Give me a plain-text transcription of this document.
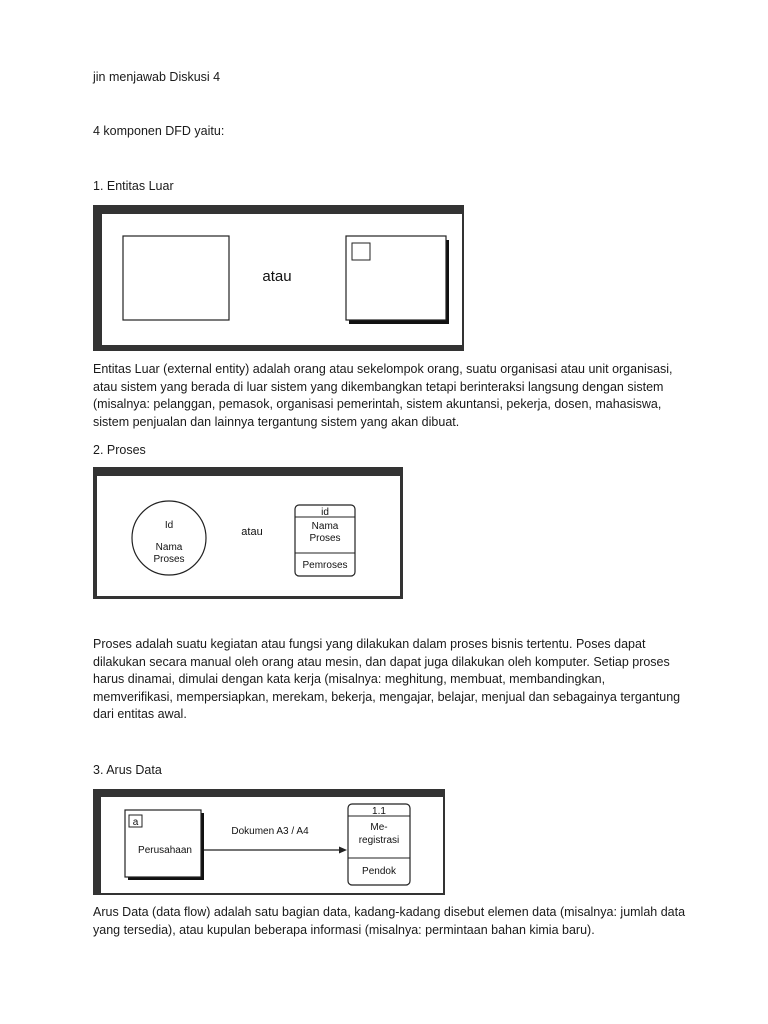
jin menjawab Diskusi 4
4 komponen DFD yaitu:
1. Entitas Luar
atau
Entitas Luar (external entity) adalah orang atau sekelompok orang, suatu organisasi atau unit organisasi,
atau sistem yang berada di luar sistem yang dikembangkan tetapi berinteraksi langsung dengan sistem
(misalnya: pelanggan, pemasok, organisasi pemerintah, sistem akuntansi, pekerja, dosen, mahasiswa,
sistem penjualan dan lainnya tergantung sistem yang akan dibuat.
2. Proses
Id
Nama
Proses
atau
id
Nama
Proses
Pemroses
Proses adalah suatu kegiatan atau fungsi yang dilakukan dalam proses bisnis tertentu. Poses dapat
dilakukan secara manual oleh orang atau mesin, dan dapat juga dilakukan oleh komputer. Setiap proses
harus dinamai, dimulai dengan kata kerja (misalnya: meghitung, membuat, membandingkan,
memverifikasi, mempersiapkan, merekam, bekerja, mengajar, belajar, menjual dan sebagainya tergantung
dari entitas awal.
3. Arus Data
a
Perusahaan
Dokumen A3 / A4
1.1
Me-
registrasi
Pendok
Arus Data (data flow) adalah satu bagian data, kadang-kadang disebut elemen data (misalnya: jumlah data
yang tersedia), atau kupulan beberapa informasi (misalnya: permintaan bahan kimia baru).
